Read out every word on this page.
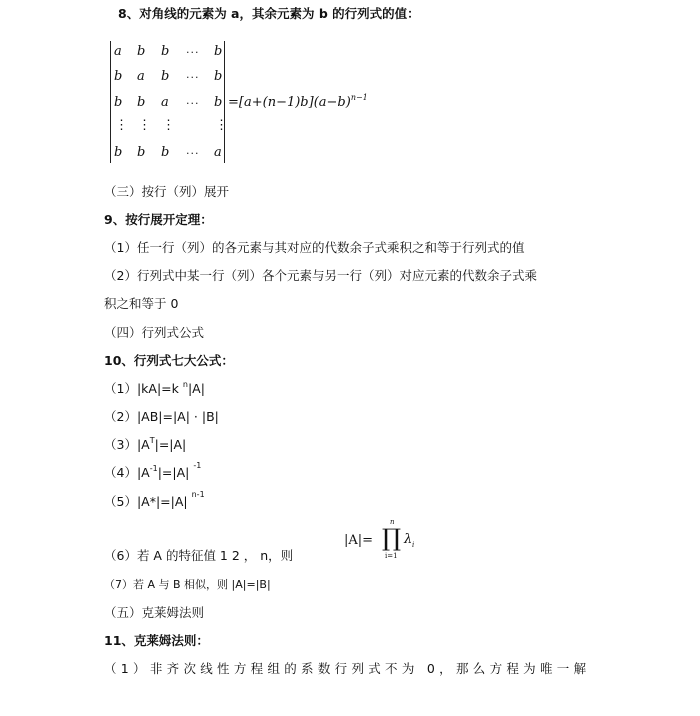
8、对角线的元素为 a，其余元素为 b 的行列式的值：
a b b ··· b
b a b ··· b
b b a ··· b
⋮ ⋮ ⋮	⋮
b b b ··· a
$=[a+(n-1)b](a-b)^{n-1}$
（三）按行（列）展开
9、按行展开定理：
（1）任一行（列）的各元素与其对应的代数余子式乘积之和等于行列式的值
（2）行列式中某一行（列）各个元素与另一行（列）对应元素的代数余子式乘
积之和等于 0
（四）行列式公式
10、行列式七大公式：
（1）|kA|=k $^n$|A|
（2）|AB|=|A| · |B|
$(3)|A^T|=|A|$
$(4)|A^{-1}|=|A|$ $^{-1}$
（5）|A*|=|A| $^{n-1}$
（6）若 A 的特征值 1 2 ， n，则
|A|=
n
∏
i=1
λ i
（7）若 A 与 B 相似，则 |A|=|B|
（五）克莱姆法则
11、克莱姆法则：
（1）非齐次线性方程组的系数行列式不为 0，那么方程为唯一解
